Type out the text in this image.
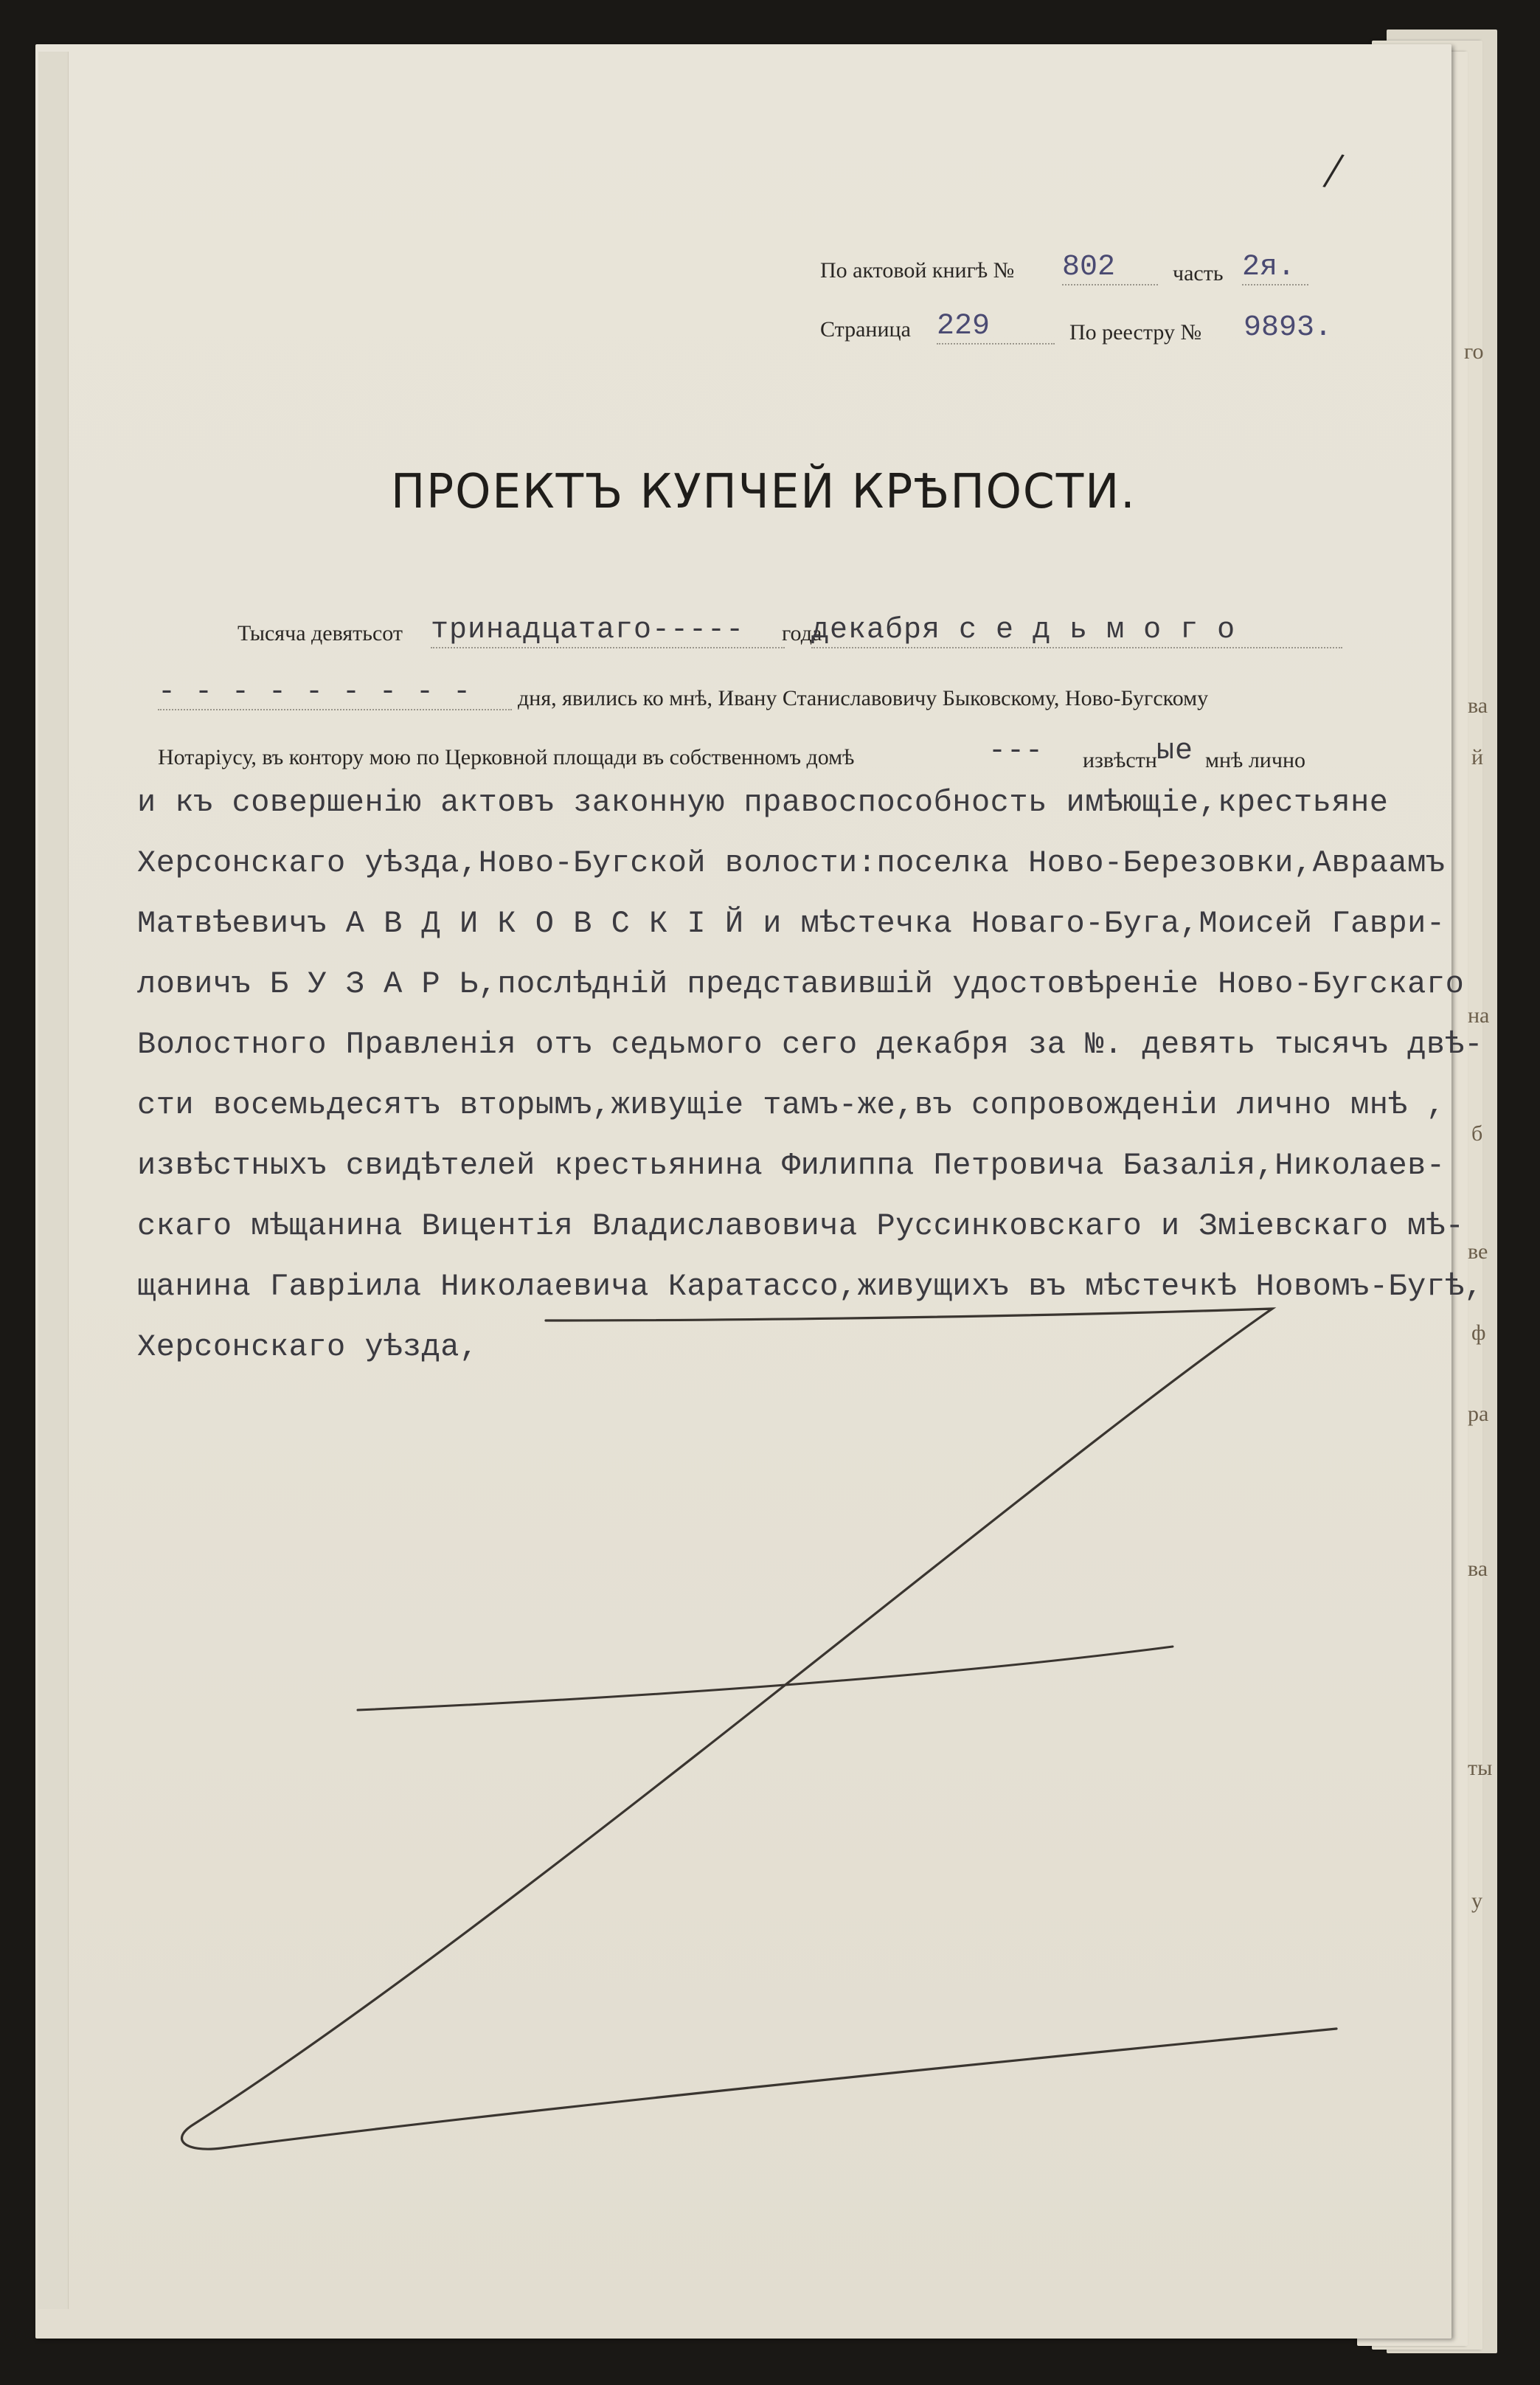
го
ва
й
на
б
ве
ф
ра
ва
ты
у
/
По актовой книгѣ № 802	часть 2я.
Страница 229	По реестру № 9893.
ПРОЕКТЪ КУПЧЕЙ КРѢПОСТИ.
Тысяча девятьсот тринадцатаго-----	года
декабря с е д ь м о г о
- - - - - - - - -	дня, явились ко мнѣ, Ивану Станиславовичу Быковскому, Ново-Бугскому
Нотаріусу, въ контору мою по Церковной площади въ собственномъ домѣ	--- извѣстн ые мнѣ лично
и къ совершенію актовъ законную правоспособность имѣющіе,крестьяне
Херсонскаго уѣзда,Ново-Бугской волости:поселка Ново-Березовки,Авраамъ
Матвѣевичъ А В Д И К О В С К І Й и мѣстечка Новаго-Буга,Моисей Гаври-
ловичъ Б У З А Р Ь,послѣдній представившій удостовѣреніе Ново-Бугскаго
Волостного Правленія отъ седьмого сего декабря за №. девять тысячъ двѣ-
сти восемьдесятъ вторымъ,живущіе тамъ-же,въ сопровожденіи лично мнѣ ,
извѣстныхъ свидѣтелей крестьянина Филиппа Петровича Базалія,Николаев-
скаго мѣщанина Вицентія Владиславовича Руссинковскаго и Зміевскаго мѣ-
щанина Гавріила Николаевича Каратассо,живущихъ въ мѣстечкѣ Новомъ-Бугѣ,
Херсонскаго уѣзда,
